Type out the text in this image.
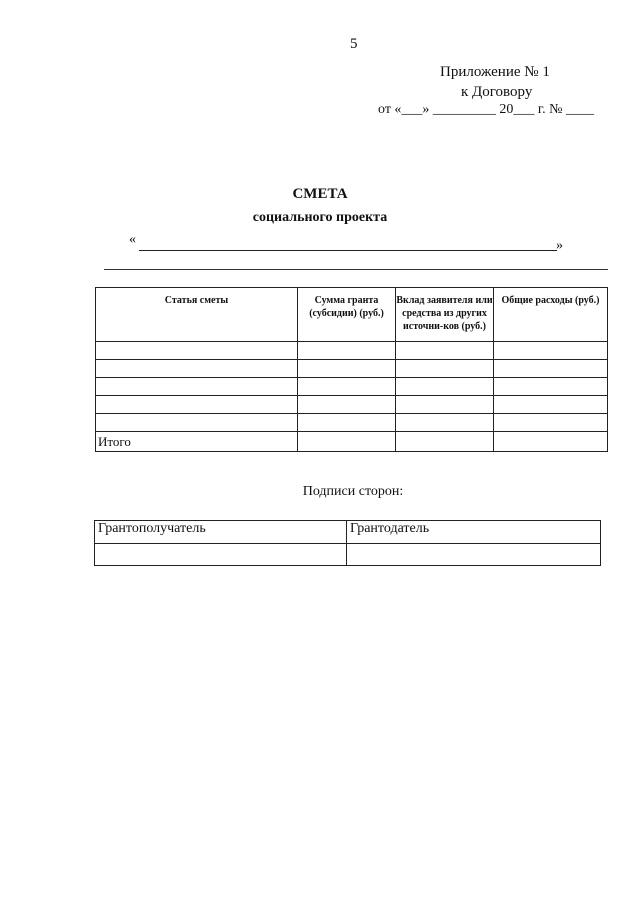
5
Приложение № 1
к Договору
от «___» _________ 20___ г. № ____
СМЕТА
социального проекта
«	»
Статья сметы	Сумма гранта (субсидии) (руб.)	Вклад заявителя или средства из других источни-ков (руб.)	Общие расходы (руб.)

Итого			
Подписи сторон:
Грантополучатель	Грантодатель
